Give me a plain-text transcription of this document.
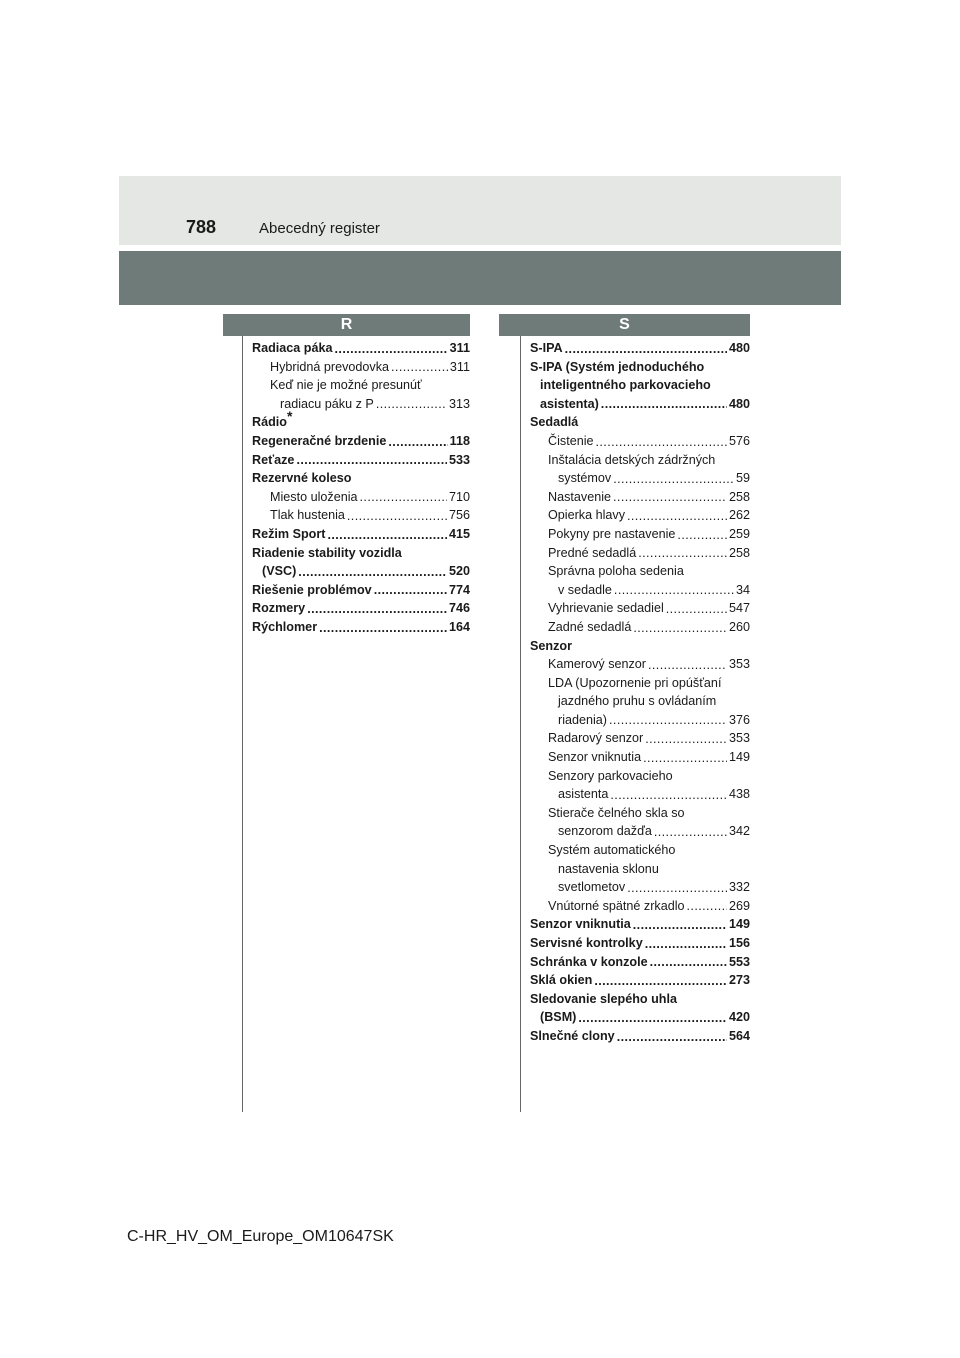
788	Abecedný register
R	S
Radiaca páka .....	311
Hybridná prevodovka .....	311
Keď nie je možné presunúť
radiacu páku z P .....	313
Rádio*
Regeneračné brzdenie .....	118
Reťaze .....	533
Rezervné koleso
Miesto uloženia .....	710
Tlak hustenia .....	756
Režim Sport .....	415
Riadenie stability vozidla
(VSC) .....	520
Riešenie problémov .....	774
Rozmery .....	746
Rýchlomer .....	164
S-IPA .....	480
S-IPA (Systém jednoduchého
inteligentného parkovacieho
asistenta) .....	480
Sedadlá
Čistenie .....	576
Inštalácia detských zádržných
systémov .....	59
Nastavenie .....	258
Opierka hlavy .....	262
Pokyny pre nastavenie .....	259
Predné sedadlá .....	258
Správna poloha sedenia
v sedadle .....	34
Vyhrievanie sedadiel .....	547
Zadné sedadlá .....	260
Senzor
Kamerový senzor .....	353
LDA (Upozornenie pri opúšťaní
jazdného pruhu s ovládaním
riadenia) .....	376
Radarový senzor .....	353
Senzor vniknutia .....	149
Senzory parkovacieho
asistenta .....	438
Stierače čelného skla so
senzorom dažďa .....	342
Systém automatického
nastavenia sklonu
svetlometov .....	332
Vnútorné spätné zrkadlo .....	269
Senzor vniknutia .....	149
Servisné kontrolky .....	156
Schránka v konzole .....	553
Sklá okien .....	273
Sledovanie slepého uhla
(BSM) .....	420
Slnečné clony .....	564
C-HR_HV_OM_Europe_OM10647SK
